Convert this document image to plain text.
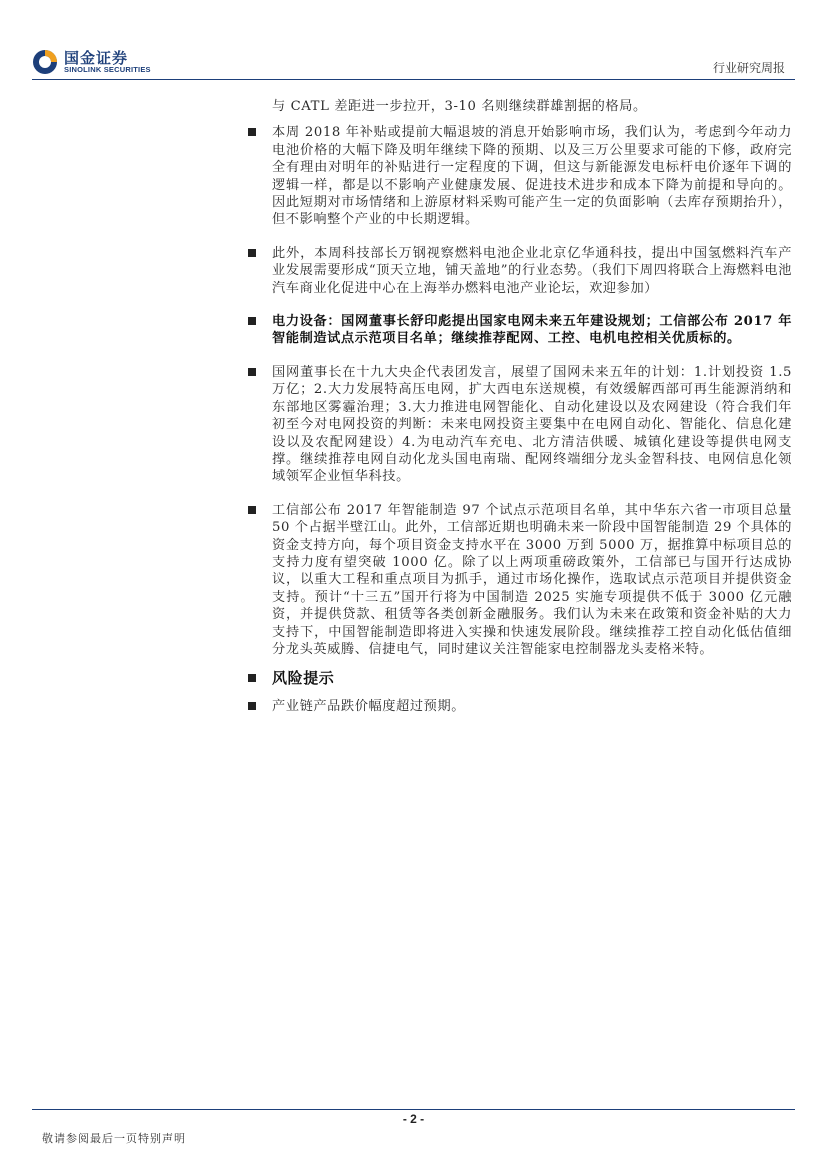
国金证券
SINOLINK SECURITIES	行业研究周报
与 CATL 差距进一步拉开，3-10 名则继续群雄割据的格局。
本周 2018 年补贴或提前大幅退坡的消息开始影响市场，我们认为，考虑到今年动力电池价格的大幅下降及明年继续下降的预期、以及三万公里要求可能的下修，政府完全有理由对明年的补贴进行一定程度的下调，但这与新能源发电标杆电价逐年下调的逻辑一样，都是以不影响产业健康发展、促进技术进步和成本下降为前提和导向的。因此短期对市场情绪和上游原材料采购可能产生一定的负面影响（去库存预期抬升），但不影响整个产业的中长期逻辑。
此外，本周科技部长万钢视察燃料电池企业北京亿华通科技，提出中国氢燃料汽车产业发展需要形成“顶天立地，铺天盖地”的行业态势。（我们下周四将联合上海燃料电池汽车商业化促进中心在上海举办燃料电池产业论坛，欢迎参加）
电力设备：国网董事长舒印彪提出国家电网未来五年建设规划；工信部公布 2017 年智能制造试点示范项目名单；继续推荐配网、工控、电机电控相关优质标的。
国网董事长在十九大央企代表团发言，展望了国网未来五年的计划：1.计划投资 1.5 万亿；2.大力发展特高压电网，扩大西电东送规模，有效缓解西部可再生能源消纳和东部地区雾霾治理；3.大力推进电网智能化、自动化建设以及农网建设（符合我们年初至今对电网投资的判断：未来电网投资主要集中在电网自动化、智能化、信息化建设以及农配网建设）4.为电动汽车充电、北方清洁供暖、城镇化建设等提供电网支撑。继续推荐电网自动化龙头国电南瑞、配网终端细分龙头金智科技、电网信息化领域领军企业恒华科技。
工信部公布 2017 年智能制造 97 个试点示范项目名单，其中华东六省一市项目总量 50 个占据半壁江山。此外，工信部近期也明确未来一阶段中国智能制造 29 个具体的资金支持方向，每个项目资金支持水平在 3000 万到 5000 万，据推算中标项目总的支持力度有望突破 1000 亿。除了以上两项重磅政策外，工信部已与国开行达成协议，以重大工程和重点项目为抓手，通过市场化操作，选取试点示范项目并提供资金支持。预计“十三五”国开行将为中国制造 2025 实施专项提供不低于 3000 亿元融资，并提供贷款、租赁等各类创新金融服务。我们认为未来在政策和资金补贴的大力支持下，中国智能制造即将进入实操和快速发展阶段。继续推荐工控自动化低估值细分龙头英威腾、信捷电气，同时建议关注智能家电控制器龙头麦格米特。
风险提示
产业链产品跌价幅度超过预期。
- 2 -
敬请参阅最后一页特别声明
